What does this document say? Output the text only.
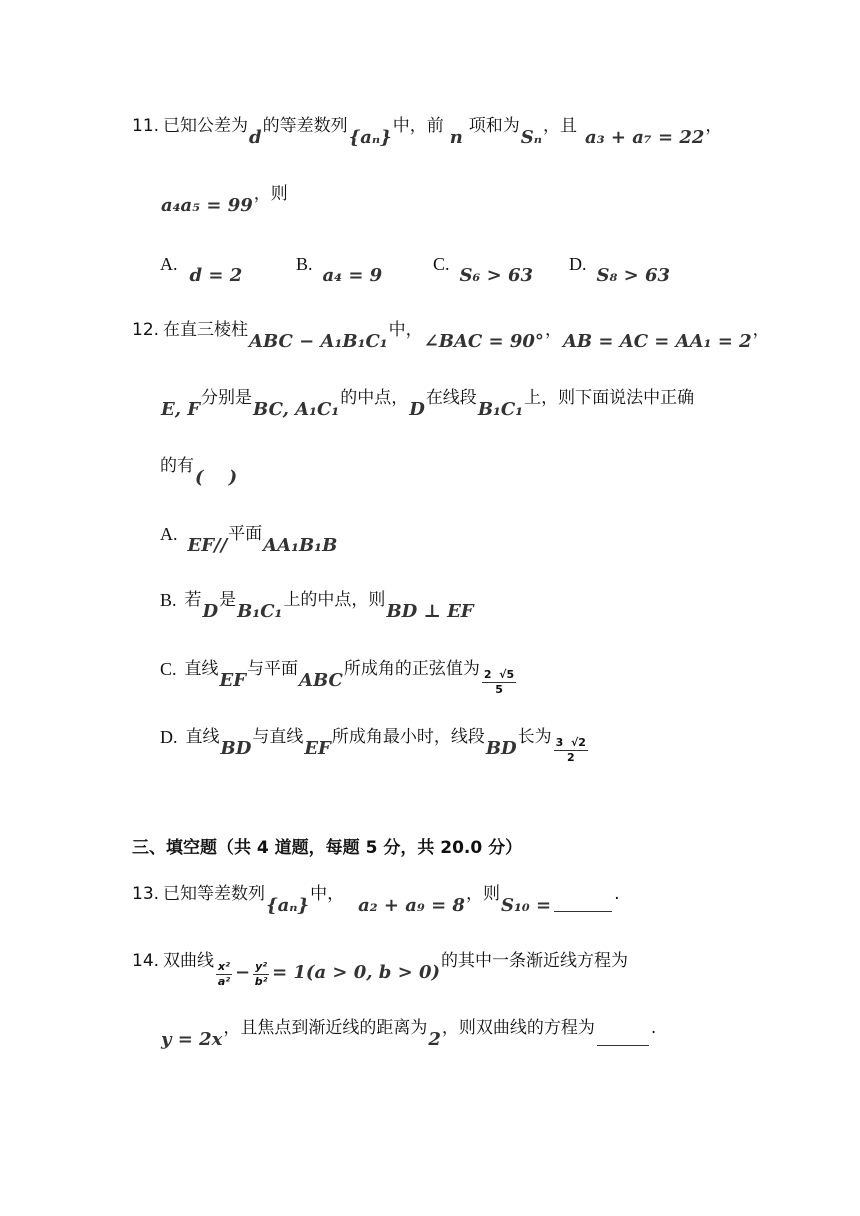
11. 已知公差为
d
的等差数列
{aₙ}
中，前
n
项和为
Sₙ
，且
a₃ + a₇ = 22
，
a₄a₅ = 99
，则
A.
d = 2
B.
a₄ = 9
C.
S₆ > 63
D.
S₈ > 63
12. 在直三棱柱
ABC − A₁B₁C₁
中，
∠BAC = 90°
，
AB = AC = AA₁ = 2
，
E, F
分别是
BC, A₁C₁
的中点，
D
在线段
B₁C₁
上，则下面说法中正确
的有
(    )
A.
EF//
平面
AA₁B₁B
B. 若
D
是
B₁C₁
上的中点，则
BD ⊥ EF
C. 直线
EF
与平面
ABC
所成角的正弦值为 $\frac{2 √5}{5}$
D. 直线
BD
与直线
EF
所成角最小时，线段
BD
长为 $\frac{3 √2}{2}$
三、填空题（共 4 道题，每题 5 分，共 20.0 分）
13. 已知等差数列
{aₙ}
中，
a₂ + a₉ = 8
，则
S₁₀ =
.
14. 双曲线 $\frac{\text{x²}}{\text{a²}} - \frac{\text{y²}}{\text{b²}} = 1(a > 0$, b > 0)
的其中一条渐近线方程为
y = 2x
，且焦点到渐近线的距离为
2
，则双曲线的方程为	.
